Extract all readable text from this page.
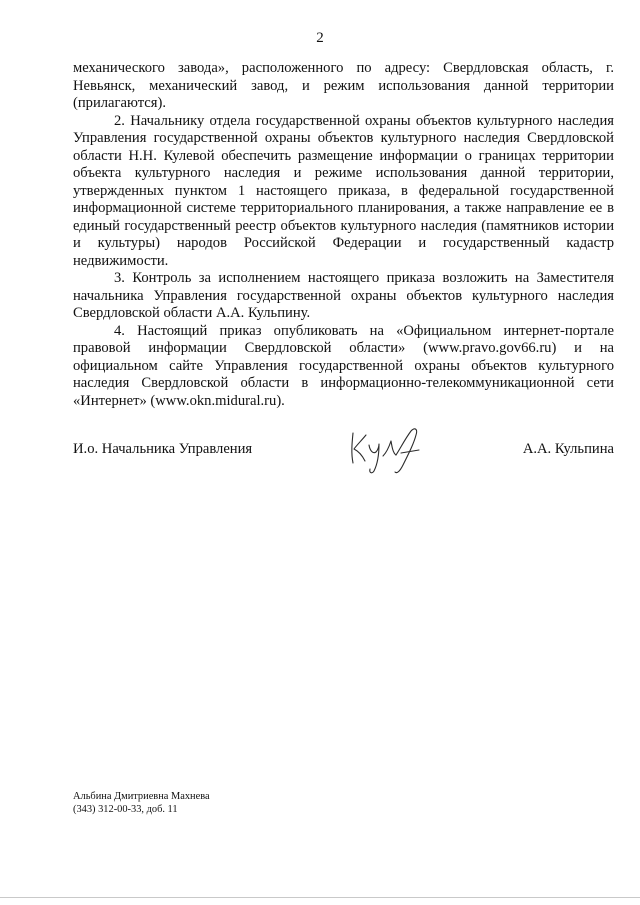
2

механического завода», расположенного по адресу: Свердловская область, г. Невьянск, механический завод, и режим использования данной территории (прилагаются).

2. Начальнику отдела государственной охраны объектов культурного наследия Управления государственной охраны объектов культурного наследия Свердловской области Н.Н. Кулевой обеспечить размещение информации о границах территории объекта культурного наследия и режиме использования данной территории, утвержденных пунктом 1 настоящего приказа, в федеральной государственной информационной системе территориального планирования, а также направление ее в единый государственный реестр объектов культурного наследия (памятников истории и культуры) народов Российской Федерации и государственный кадастр недвижимости.

3. Контроль за исполнением настоящего приказа возложить на Заместителя начальника Управления государственной охраны объектов культурного наследия Свердловской области А.А. Кульпину.

4. Настоящий приказ опубликовать на «Официальном интернет-портале правовой информации Свердловской области» (www.pravo.gov66.ru) и на официальном сайте Управления государственной охраны объектов культурного наследия Свердловской области в информационно-телекоммуникационной сети «Интернет» (www.okn.midural.ru).

И.о. Начальника Управления	А.А. Кульпина
Альбина Дмитриевна Махнева
(343) 312-00-33, доб. 11
